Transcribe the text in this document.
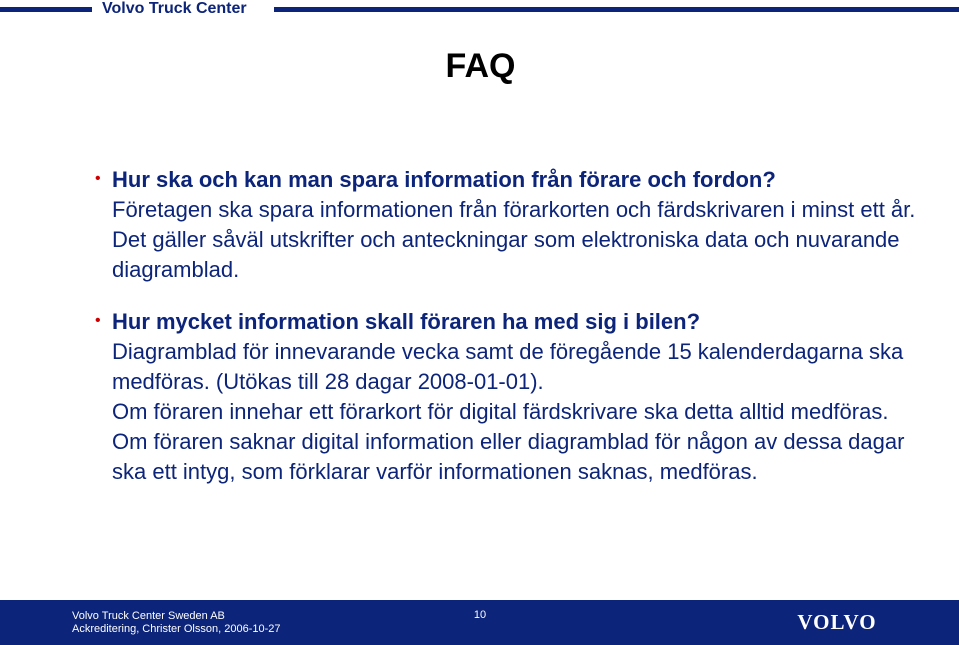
Volvo Truck Center
FAQ
• Hur ska och kan man spara information från förare och fordon?
Företagen ska spara informationen från förarkorten och färdskrivaren i minst ett år. Det gäller såväl utskrifter och anteckningar som elektroniska data och nuvarande diagramblad.
• Hur mycket information skall föraren ha med sig i bilen?
Diagramblad för innevarande vecka samt de föregående 15 kalenderdagarna ska medföras. (Utökas till 28 dagar 2008-01-01).
Om föraren innehar ett förarkort för digital färdskrivare ska detta alltid medföras.
Om föraren saknar digital information eller diagramblad för någon av dessa dagar ska ett intyg, som förklarar varför informationen saknas, medföras.
Volvo Truck Center Sweden AB
Ackreditering, Christer Olsson, 2006-10-27
10	VOLVO
